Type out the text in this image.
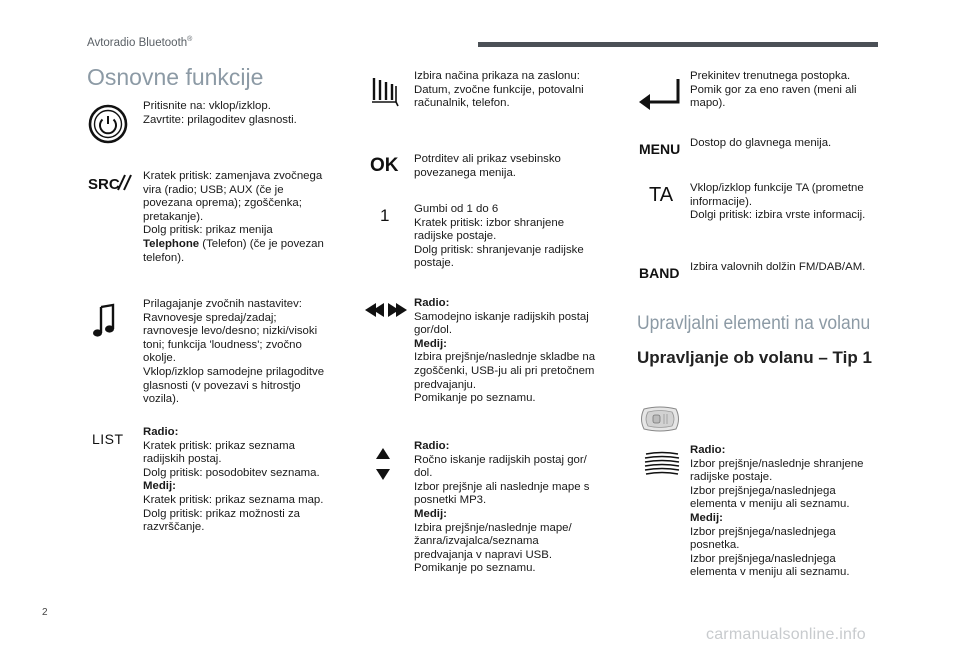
Avtoradio Bluetooth®
Osnovne funkcije
Pritisnite na: vklop/izklop.
Zavrtite: prilagoditev glasnosti.
SRC Kratek pritisk: zamenjava zvočnega
vira (radio; USB; AUX (če je
povezana oprema); zgoščenka;
pretakanje).
Dolg pritisk: prikaz menija
Telephone (Telefon) (če je povezan
telefon).
Prilagajanje zvočnih nastavitev:
Ravnovesje spredaj/zadaj;
ravnovesje levo/desno; nizki/visoki
toni; funkcija 'loudness'; zvočno
okolje.
Vklop/izklop samodejne prilagoditve
glasnosti (v povezavi s hitrostjo
vozila).
LIST Radio:
Kratek pritisk: prikaz seznama
radijskih postaj.
Dolg pritisk: posodobitev seznama.
Medij:
Kratek pritisk: prikaz seznama map.
Dolg pritisk: prikaz možnosti za
razvrščanje.
Izbira načina prikaza na zaslonu:
Datum, zvočne funkcije, potovalni
računalnik, telefon.
OK Potrditev ali prikaz vsebinsko
povezanega menija.
1 Gumbi od 1 do 6
Kratek pritisk: izbor shranjene
radijske postaje.
Dolg pritisk: shranjevanje radijske
postaje.
Radio:
Samodejno iskanje radijskih postaj
gor/dol.
Medij:
Izbira prejšnje/naslednje skladbe na
zgoščenki, USB-ju ali pri pretočnem
predvajanju.
Pomikanje po seznamu.
Radio:
Ročno iskanje radijskih postaj gor/
dol.
Izbor prejšnje ali naslednje mape s
posnetki MP3.
Medij:
Izbira prejšnje/naslednje mape/
žanra/izvajalca/seznama
predvajanja v napravi USB.
Pomikanje po seznamu.
Prekinitev trenutnega postopka.
Pomik gor za eno raven (meni ali
mapo).
MENU Dostop do glavnega menija.
TA Vklop/izklop funkcije TA (prometne
informacije).
Dolgi pritisk: izbira vrste informacij.
BAND Izbira valovnih dolžin FM/DAB/AM.
Upravljalni elementi na volanu
Upravljanje ob volanu – Tip 1
Radio:
Izbor prejšnje/naslednje shranjene
radijske postaje.
Izbor prejšnjega/naslednjega
elementa v meniju ali seznamu.
Medij:
Izbor prejšnjega/naslednjega
posnetka.
Izbor prejšnjega/naslednjega
elementa v meniju ali seznamu.
2
carmanualsonline.info
